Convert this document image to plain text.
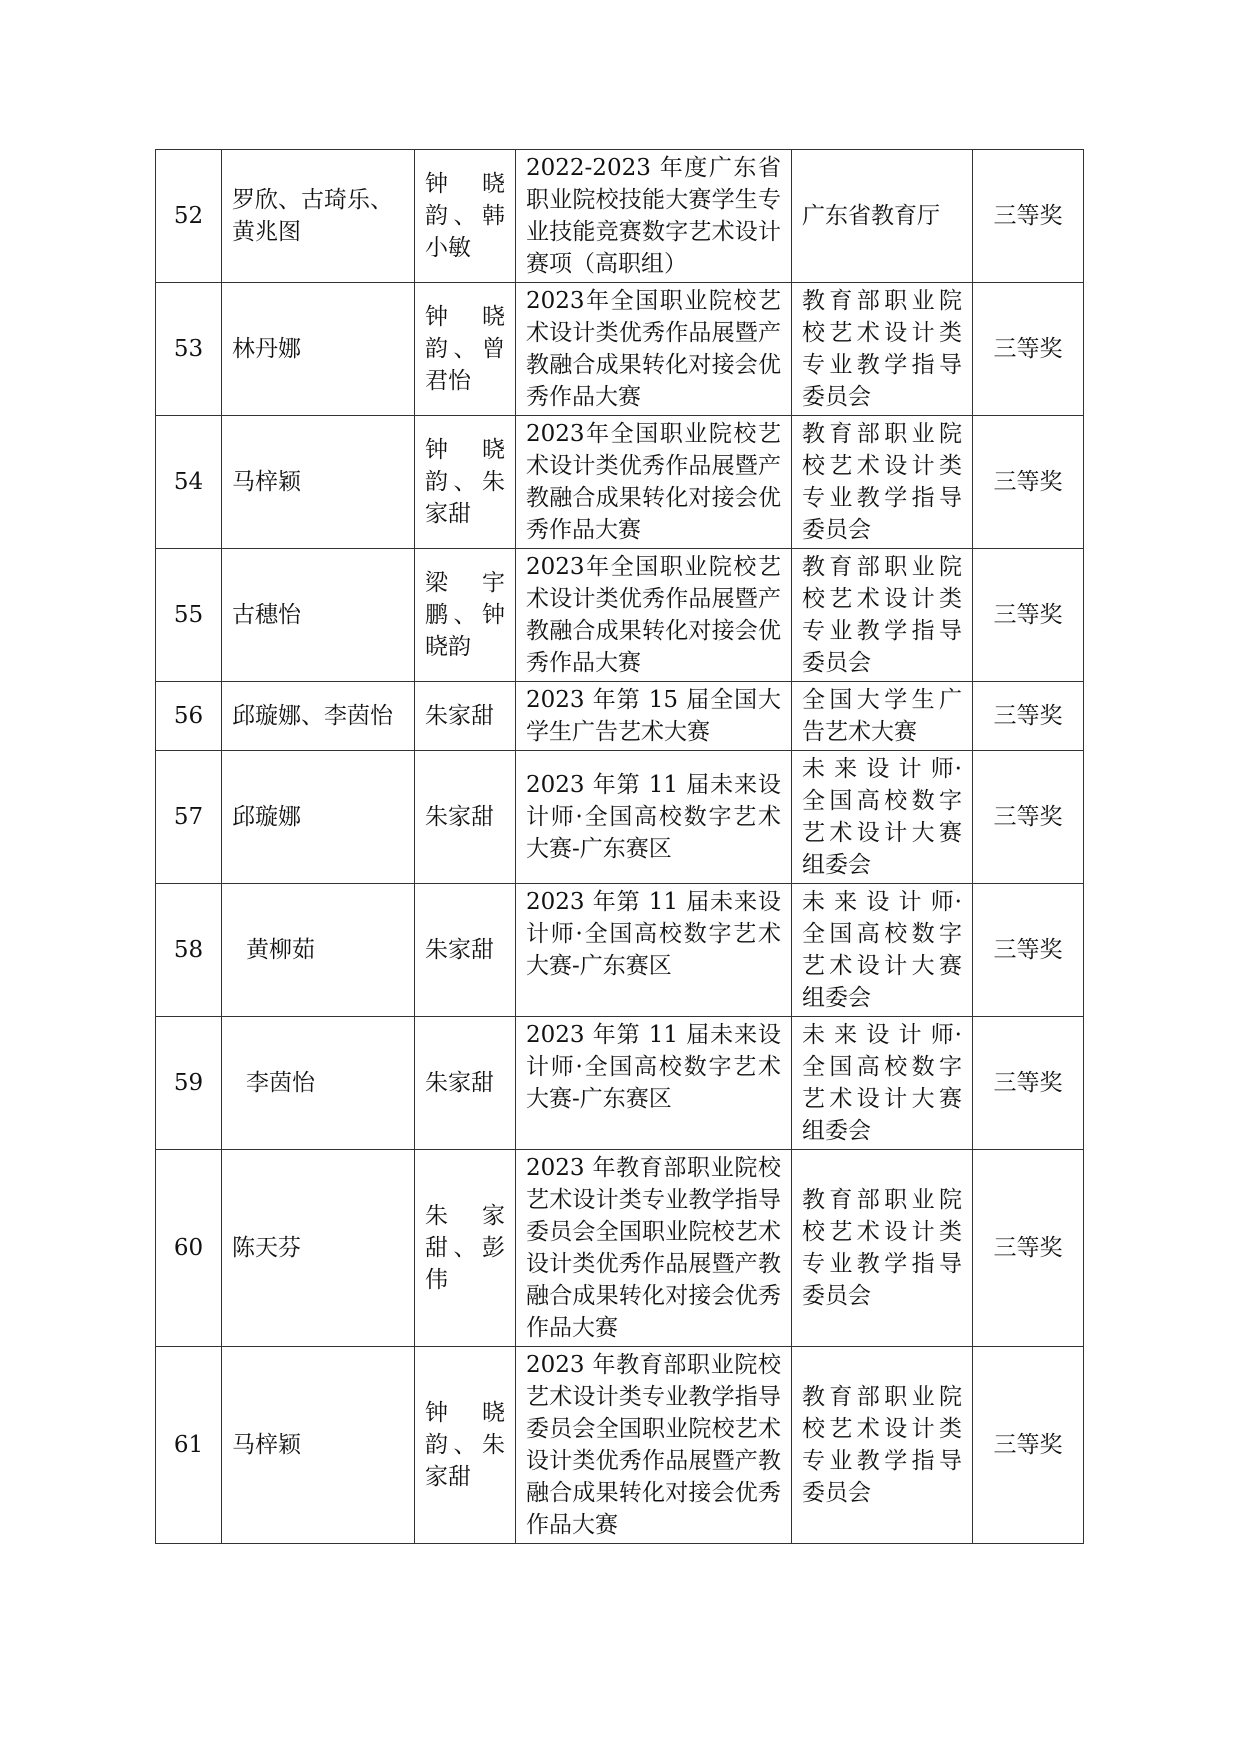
52	罗欣、古琦乐、黄兆图	钟 晓 韵、韩小敏	2022-2023 年度广东省职业院校技能大赛学生专业技能竞赛数字艺术设计赛项（高职组）	广东省教育厅	三等奖
53	林丹娜	钟 晓 韵、曾君怡	2023年全国职业院校艺术设计类优秀作品展暨产教融合成果转化对接会优秀作品大赛	教育部职业院校艺术设计类专业教学指导委员会	三等奖
54	马梓颖	钟 晓 韵、朱家甜	2023年全国职业院校艺术设计类优秀作品展暨产教融合成果转化对接会优秀作品大赛	教育部职业院校艺术设计类专业教学指导委员会	三等奖
55	古穗怡	梁 宇 鹏、钟晓韵	2023年全国职业院校艺术设计类优秀作品展暨产教融合成果转化对接会优秀作品大赛	教育部职业院校艺术设计类专业教学指导委员会	三等奖
56	邱璇娜、李茵怡	朱家甜	2023 年第 15 届全国大学生广告艺术大赛	全国大学生广告艺术大赛	三等奖
57	邱璇娜	朱家甜	2023 年第 11 届未来设计师·全国高校数字艺术大赛-广东赛区	未 来 设 计 师·全国高校数字艺术设计大赛组委会	三等奖
58	黄柳茹	朱家甜	2023 年第 11 届未来设计师·全国高校数字艺术大赛-广东赛区	未 来 设 计 师·全国高校数字艺术设计大赛组委会	三等奖
59	李茵怡	朱家甜	2023 年第 11 届未来设计师·全国高校数字艺术大赛-广东赛区	未 来 设 计 师·全国高校数字艺术设计大赛组委会	三等奖
60	陈天芬	朱 家 甜、彭伟	2023 年教育部职业院校艺术设计类专业教学指导委员会全国职业院校艺术设计类优秀作品展暨产教融合成果转化对接会优秀作品大赛	教育部职业院校艺术设计类专业教学指导委员会	三等奖
61	马梓颖	钟 晓 韵、朱家甜	2023 年教育部职业院校艺术设计类专业教学指导委员会全国职业院校艺术设计类优秀作品展暨产教融合成果转化对接会优秀作品大赛	教育部职业院校艺术设计类专业教学指导委员会	三等奖
